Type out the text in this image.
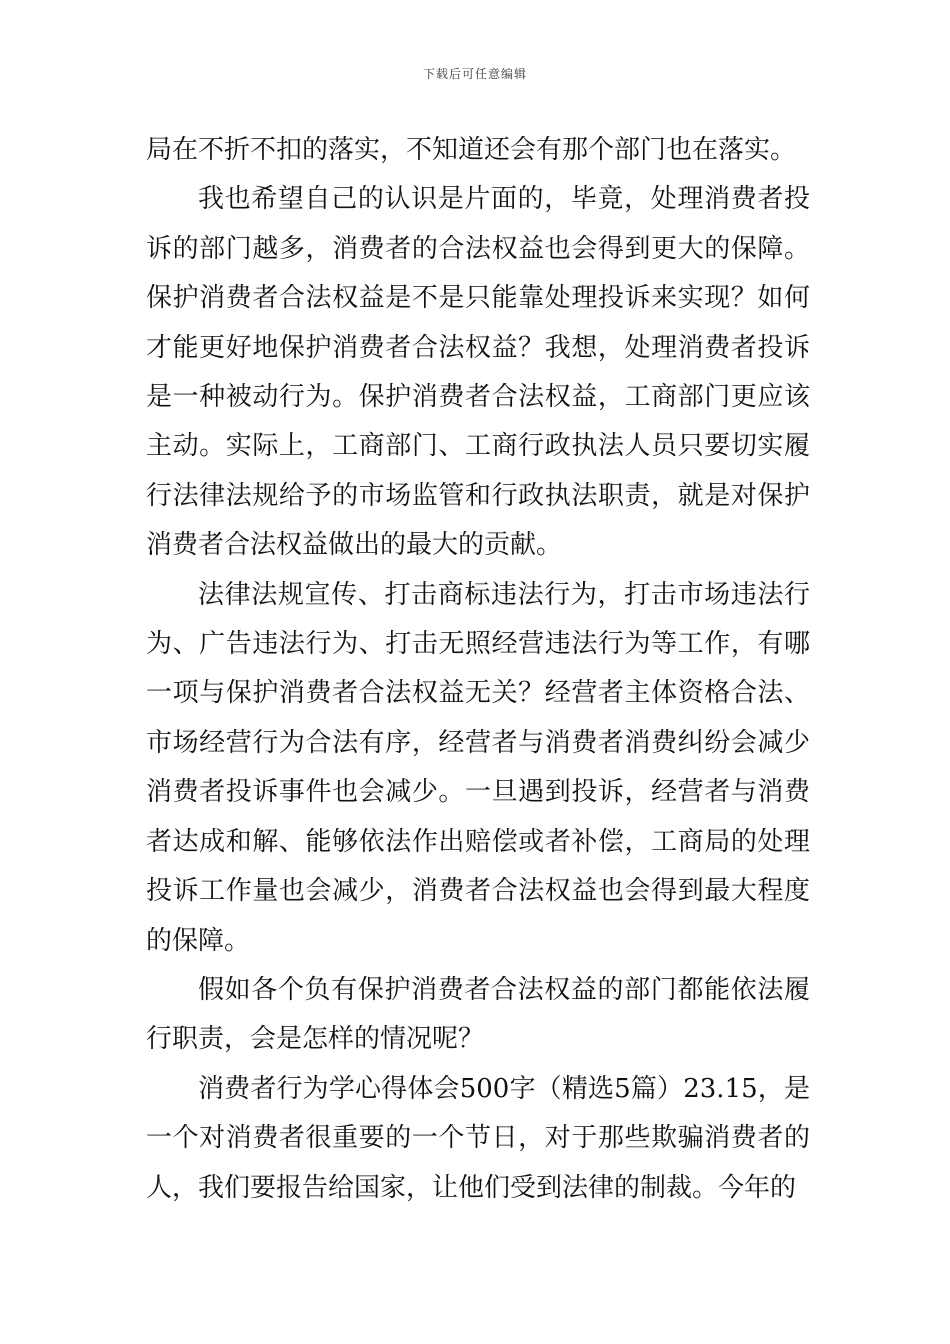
下载后可任意编辑

局在不折不扣的落实，不知道还会有那个部门也在落实。

我也希望自己的认识是片面的，毕竟，处理消费者投诉的部门越多，消费者的合法权益也会得到更大的保障。保护消费者合法权益是不是只能靠处理投诉来实现？如何才能更好地保护消费者合法权益？我想，处理消费者投诉是一种被动行为。保护消费者合法权益，工商部门更应该主动。实际上，工商部门、工商行政执法人员只要切实履行法律法规给予的市场监管和行政执法职责，就是对保护消费者合法权益做出的最大的贡献。

法律法规宣传、打击商标违法行为，打击市场违法行为、广告违法行为、打击无照经营违法行为等工作，有哪一项与保护消费者合法权益无关？经营者主体资格合法、市场经营行为合法有序，经营者与消费者消费纠纷会减少消费者投诉事件也会减少。一旦遇到投诉，经营者与消费者达成和解、能够依法作出赔偿或者补偿，工商局的处理投诉工作量也会减少，消费者合法权益也会得到最大程度的保障。

假如各个负有保护消费者合法权益的部门都能依法履行职责，会是怎样的情况呢？

消费者行为学心得体会500字（精选5篇）23.15，是一个对消费者很重要的一个节日，对于那些欺骗消费者的人，我们要报告给国家，让他们受到法律的制裁。今年的
